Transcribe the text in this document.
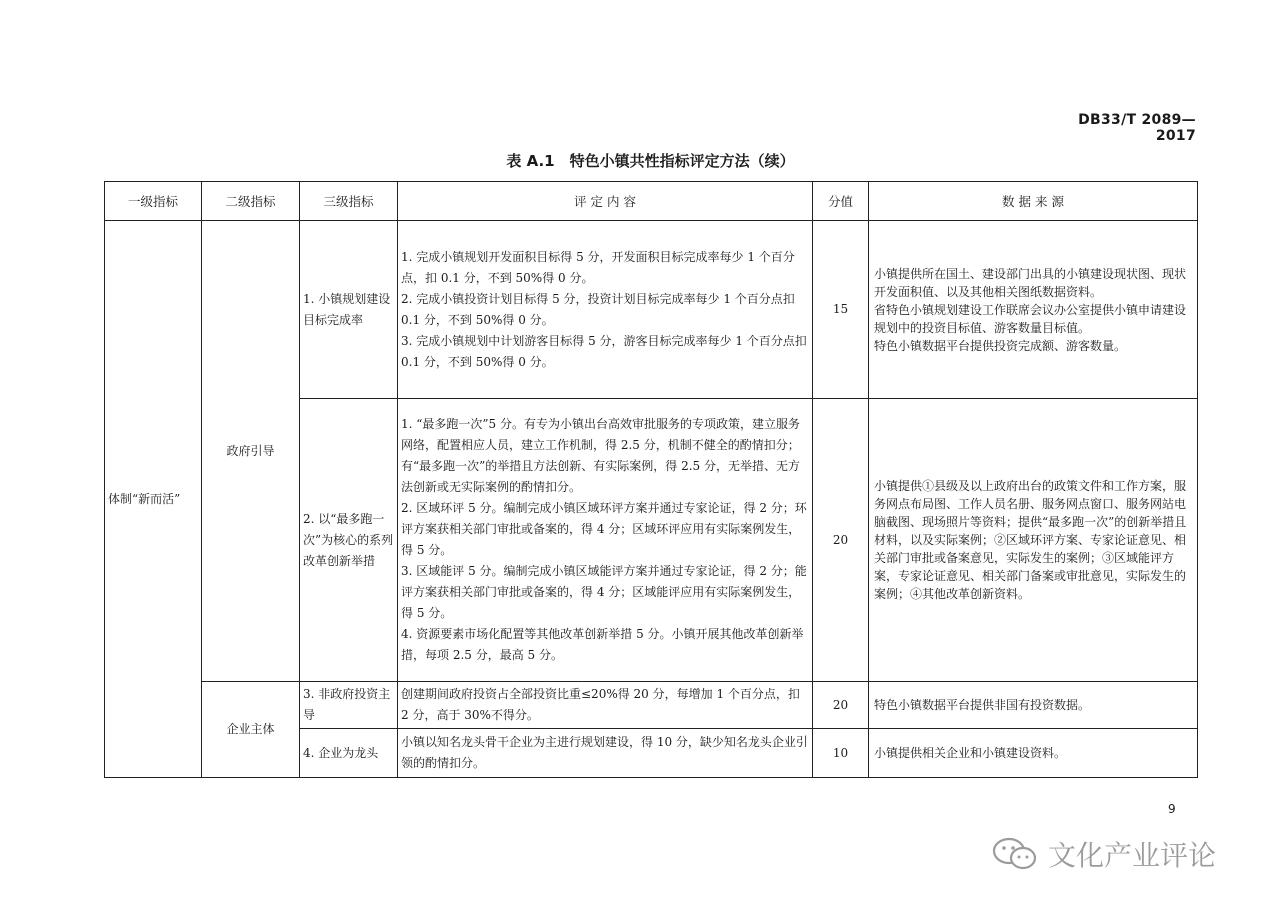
DB33/T 2089—2017
表 A.1　特色小镇共性指标评定方法（续）
一级指标	二级指标	三级指标	评 定 内 容	分值	数 据 来 源
体制“新而活”	政府引导	1. 小镇规划建设目标完成率	1. 完成小镇规划开发面积目标得 5 分，开发面积目标完成率每少 1 个百分点，扣 0.1 分，不到 50%得 0 分。
2. 完成小镇投资计划目标得 5 分，投资计划目标完成率每少 1 个百分点扣 0.1 分，不到 50%得 0 分。
3. 完成小镇规划中计划游客目标得 5 分，游客目标完成率每少 1 个百分点扣 0.1 分，不到 50%得 0 分。	15	小镇提供所在国土、建设部门出具的小镇建设现状图、现状开发面积值、以及其他相关图纸数据资料。
省特色小镇规划建设工作联席会议办公室提供小镇申请建设规划中的投资目标值、游客数量目标值。
特色小镇数据平台提供投资完成额、游客数量。

		2. 以“最多跑一次”为核心的系列改革创新举措	1. “最多跑一次”5 分。有专为小镇出台高效审批服务的专项政策，建立服务网络，配置相应人员，建立工作机制，得 2.5 分，机制不健全的酌情扣分；有“最多跑一次”的举措且方法创新、有实际案例，得 2.5 分，无举措、无方法创新或无实际案例的酌情扣分。
2. 区域环评 5 分。编制完成小镇区域环评方案并通过专家论证，得 2 分；环评方案获相关部门审批或备案的，得 4 分；区域环评应用有实际案例发生，得 5 分。
3. 区域能评 5 分。编制完成小镇区域能评方案并通过专家论证，得 2 分；能评方案获相关部门审批或备案的，得 4 分；区域能评应用有实际案例发生，得 5 分。
4. 资源要素市场化配置等其他改革创新举措 5 分。小镇开展其他改革创新举措，每项 2.5 分，最高 5 分。	20	小镇提供①县级及以上政府出台的政策文件和工作方案，服务网点布局图、工作人员名册、服务网点窗口、服务网站电脑截图、现场照片等资料；提供“最多跑一次”的创新举措且材料，以及实际案例；②区域环评方案、专家论证意见、相关部门审批或备案意见，实际发生的案例；③区域能评方案，专家论证意见、相关部门备案或审批意见，实际发生的案例；④其他改革创新资料。

	企业主体	3. 非政府投资主导	创建期间政府投资占全部投资比重≤20%得 20 分，每增加 1 个百分点，扣 2 分，高于 30%不得分。	20	特色小镇数据平台提供非国有投资数据。

		4. 企业为龙头	小镇以知名龙头骨干企业为主进行规划建设，得 10 分，缺少知名龙头企业引领的酌情扣分。	10	小镇提供相关企业和小镇建设资料。
9
文化产业评论
